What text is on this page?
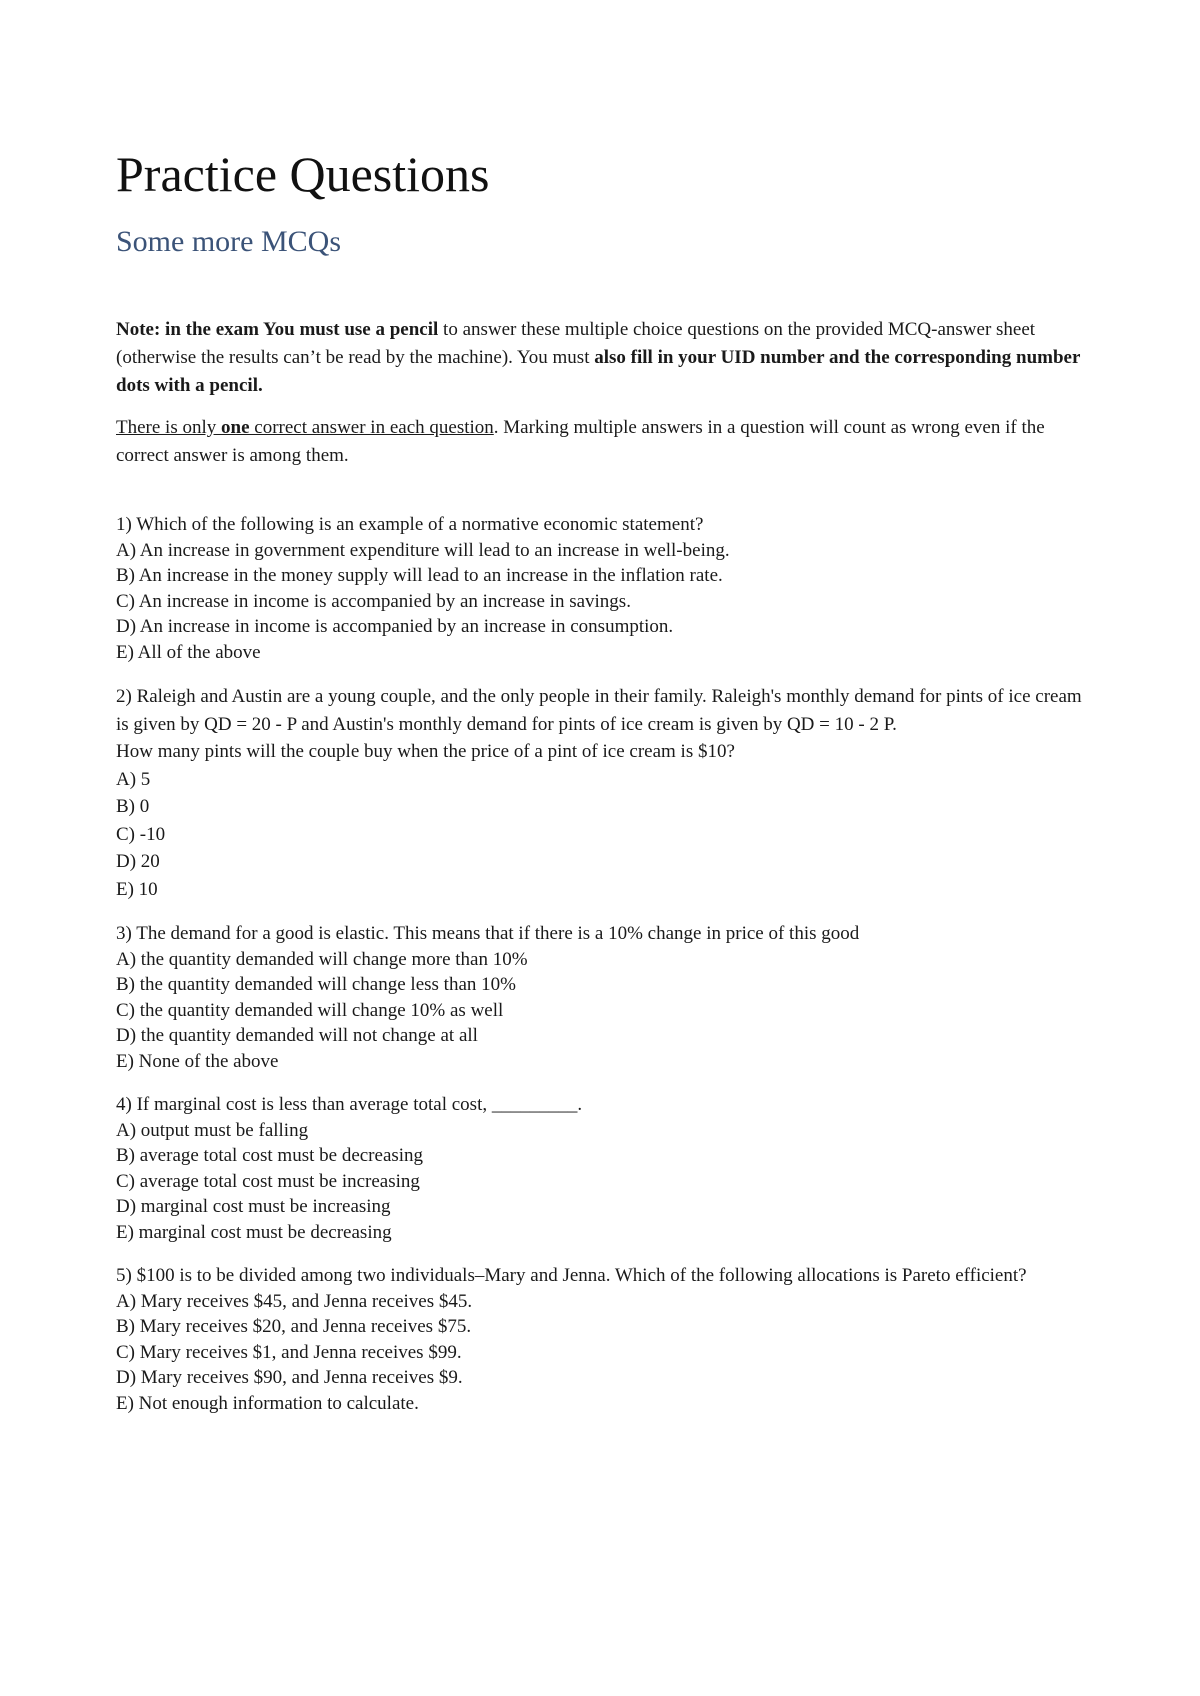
Practice Questions
Some more MCQs

Note: in the exam You must use a pencil to answer these multiple choice questions on the provided MCQ-answer sheet (otherwise the results can’t be read by the machine). You must also fill in your UID number and the corresponding number dots with a pencil.

There is only one correct answer in each question. Marking multiple answers in a question will count as wrong even if the correct answer is among them.

1) Which of the following is an example of a normative economic statement?
A) An increase in government expenditure will lead to an increase in well-being.
B) An increase in the money supply will lead to an increase in the inflation rate.
C) An increase in income is accompanied by an increase in savings.
D) An increase in income is accompanied by an increase in consumption.
E) All of the above
2) Raleigh and Austin are a young couple, and the only people in their family. Raleigh's monthly demand for pints of ice cream is given by QD = 20 - P and Austin's monthly demand for pints of ice cream is given by QD = 10 - 2 P.
How many pints will the couple buy when the price of a pint of ice cream is $10?
A) 5
B) 0
C) -10
D) 20
E) 10
3) The demand for a good is elastic. This means that if there is a 10% change in price of this good
A) the quantity demanded will change more than 10%
B) the quantity demanded will change less than 10%
C) the quantity demanded will change 10% as well
D) the quantity demanded will not change at all
E) None of the above
4) If marginal cost is less than average total cost, _________.
A) output must be falling
B) average total cost must be decreasing
C) average total cost must be increasing
D) marginal cost must be increasing
E) marginal cost must be decreasing
5) $100 is to be divided among two individuals–Mary and Jenna. Which of the following allocations is Pareto efficient?
A) Mary receives $45, and Jenna receives $45.
B) Mary receives $20, and Jenna receives $75.
C) Mary receives $1, and Jenna receives $99.
D) Mary receives $90, and Jenna receives $9.
E) Not enough information to calculate.
